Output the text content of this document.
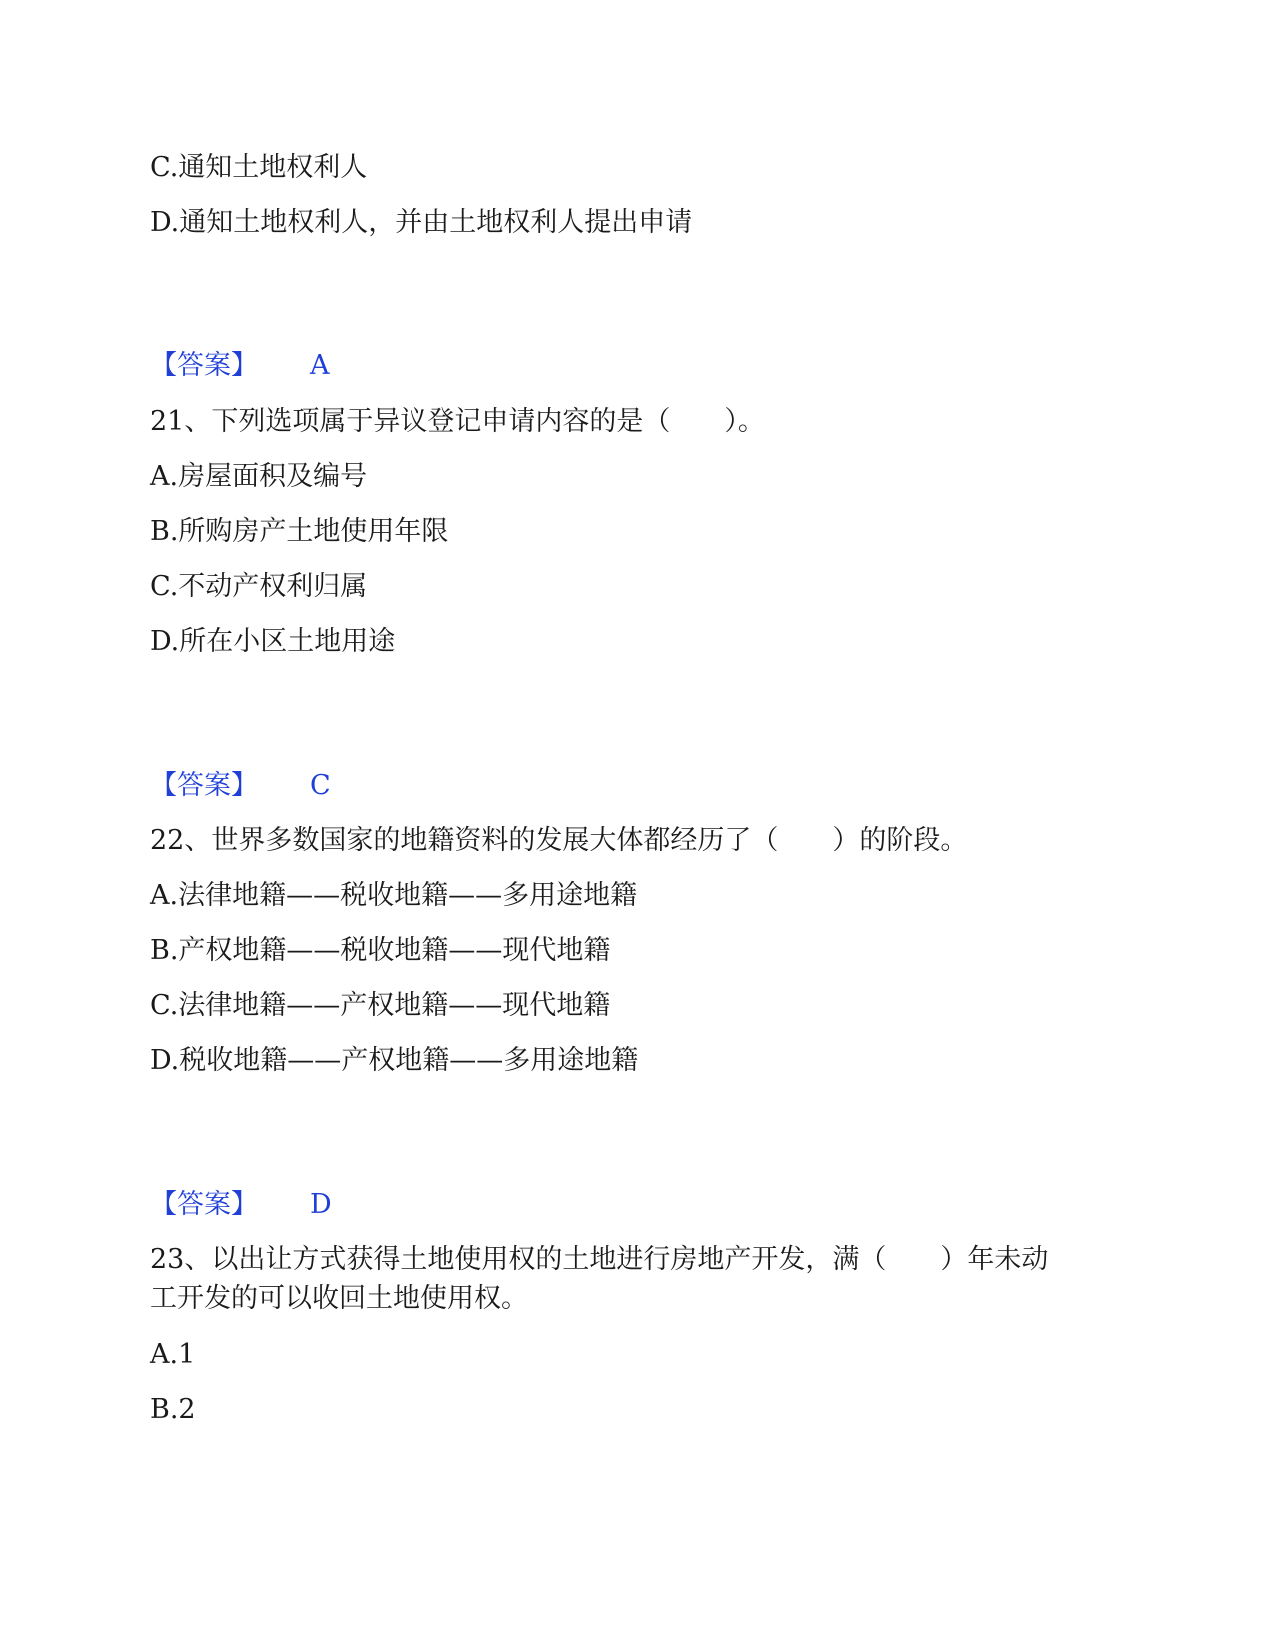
C.通知土地权利人
D.通知土地权利人，并由土地权利人提出申请
【答案】 A
21、下列选项属于异议登记申请内容的是（　　）。
A.房屋面积及编号
B.所购房产土地使用年限
C.不动产权利归属
D.所在小区土地用途
【答案】 C
22、世界多数国家的地籍资料的发展大体都经历了（　　）的阶段。
A.法律地籍——税收地籍——多用途地籍
B.产权地籍——税收地籍——现代地籍
C.法律地籍——产权地籍——现代地籍
D.税收地籍——产权地籍——多用途地籍
【答案】 D
23、以出让方式获得土地使用权的土地进行房地产开发，满（　　）年未动
工开发的可以收回土地使用权。
A.1
B.2
